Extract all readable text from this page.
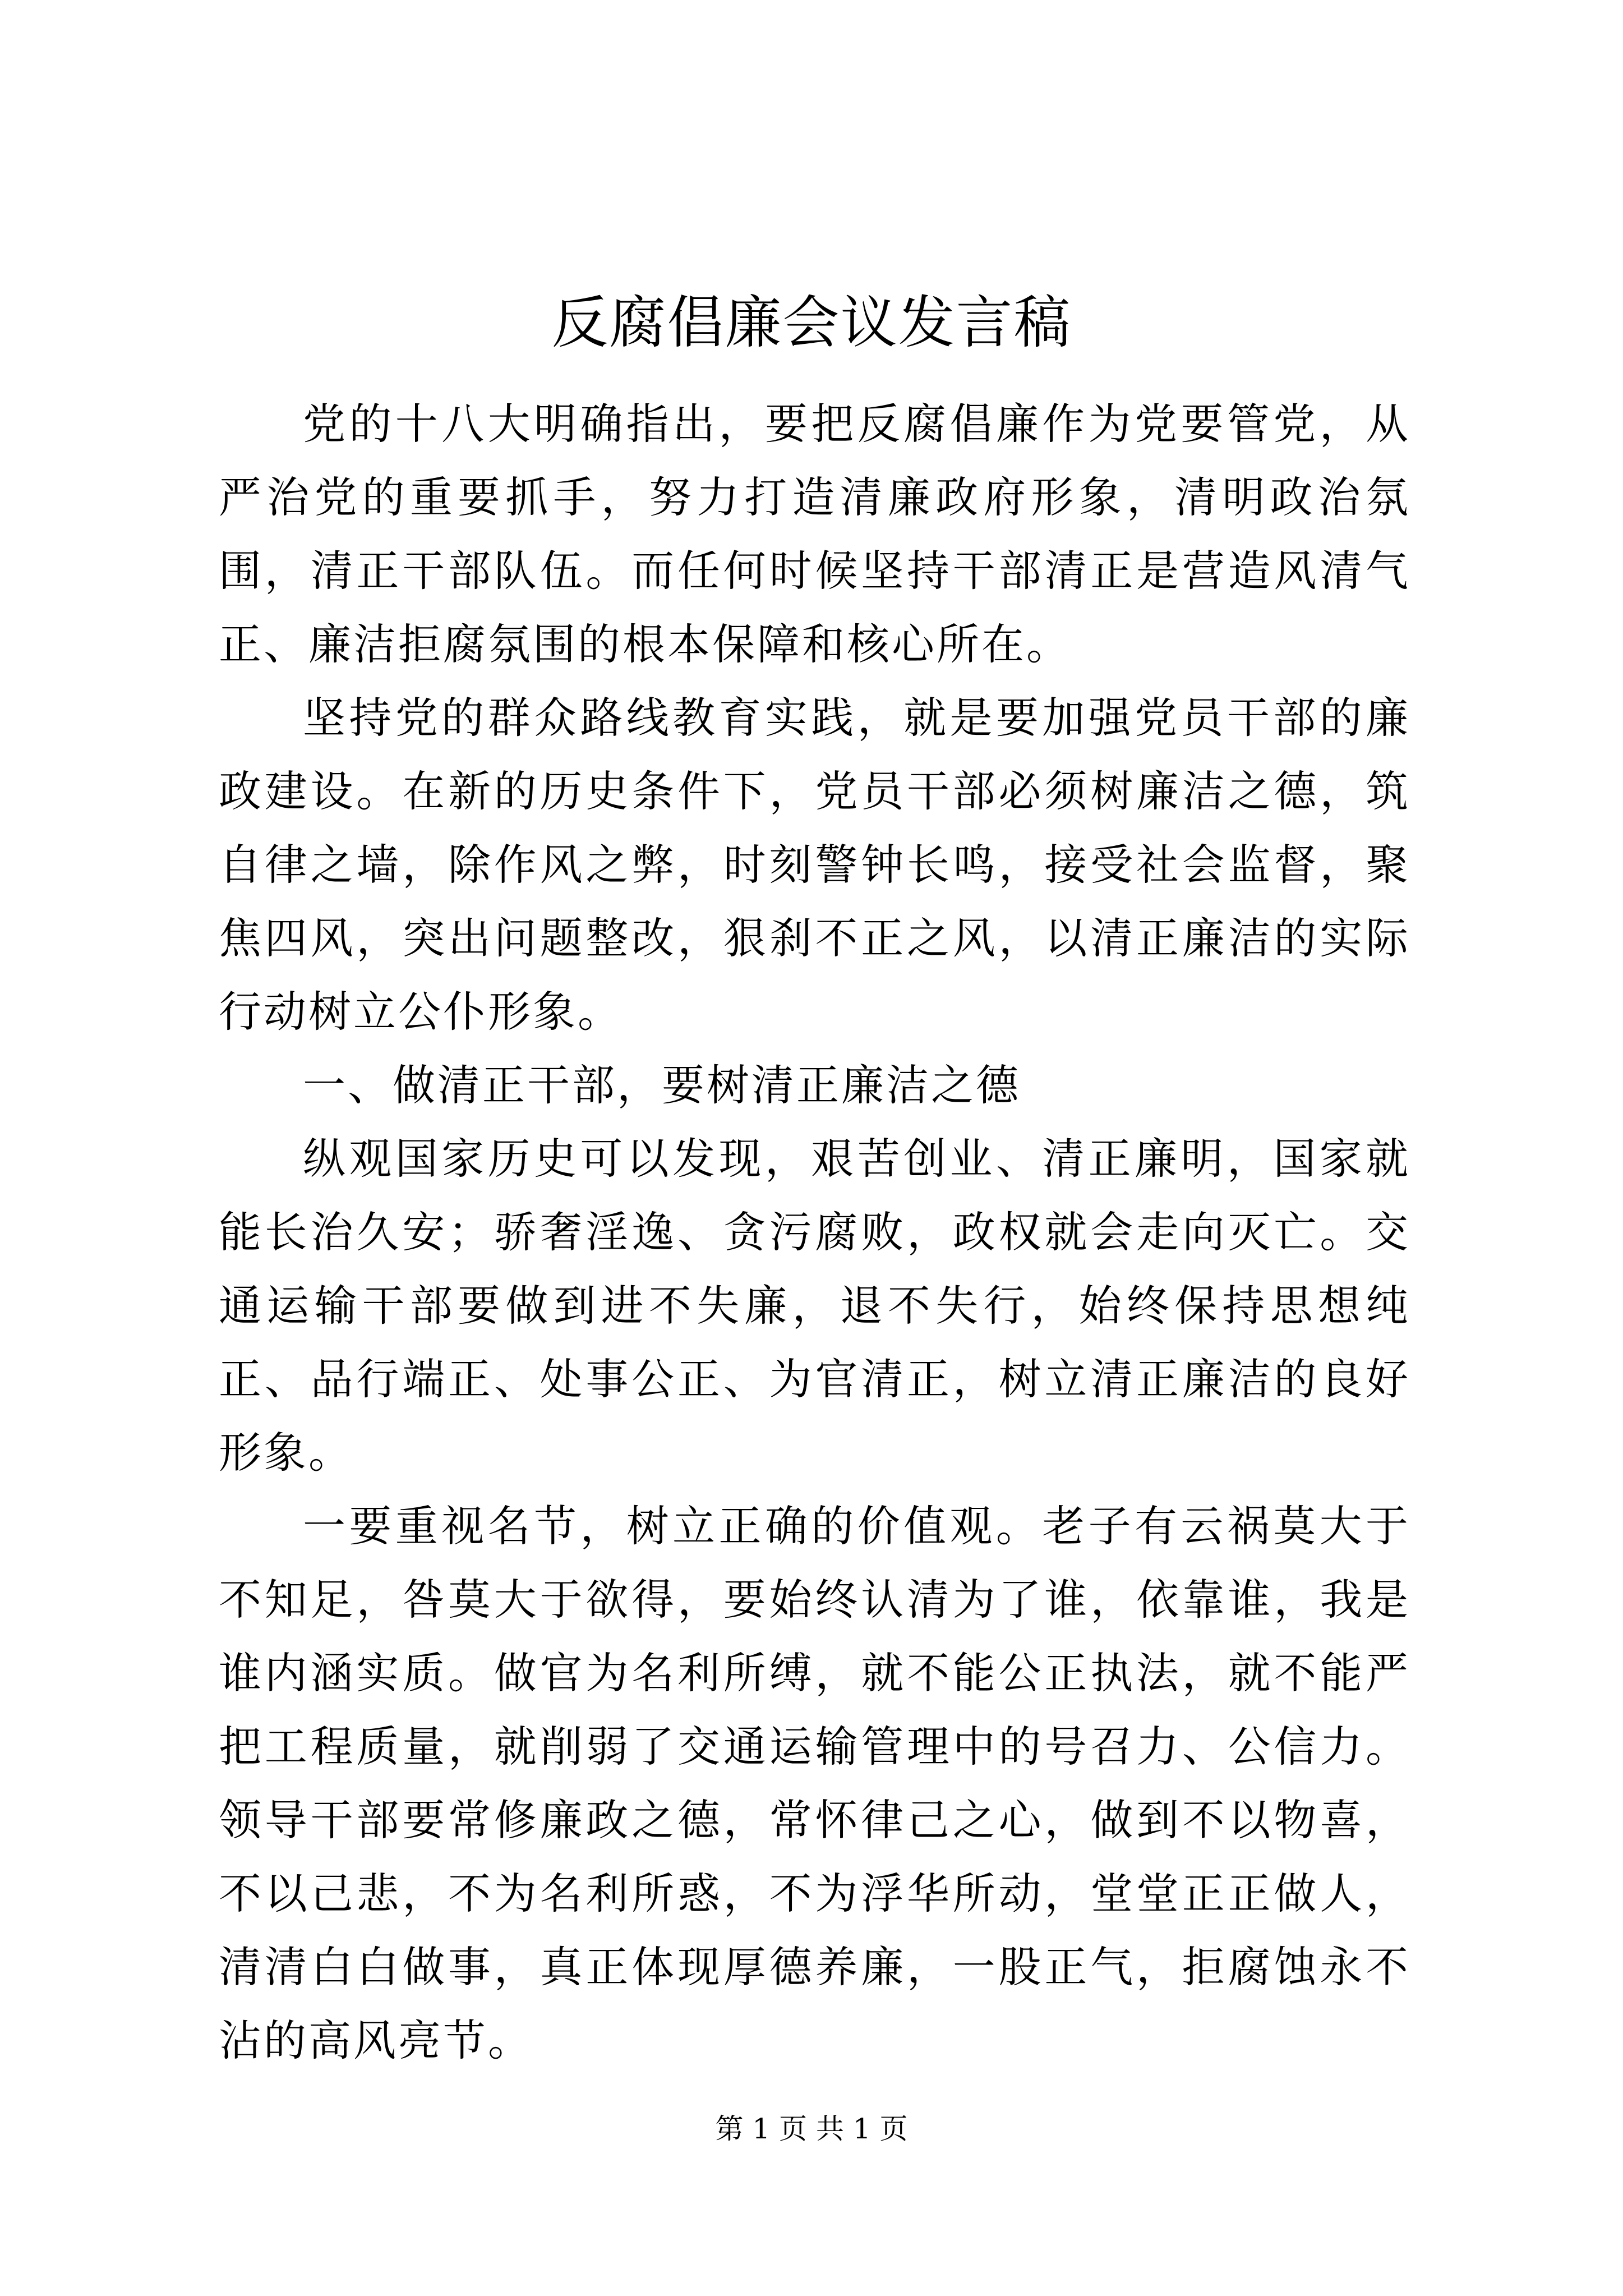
反腐倡廉会议发言稿

党的十八大明确指出，要把反腐倡廉作为党要管党，从严治党的重要抓手，努力打造清廉政府形象，清明政治氛围，清正干部队伍。而任何时候坚持干部清正是营造风清气正、廉洁拒腐氛围的根本保障和核心所在。

坚持党的群众路线教育实践，就是要加强党员干部的廉政建设。在新的历史条件下，党员干部必须树廉洁之德，筑自律之墙，除作风之弊，时刻警钟长鸣，接受社会监督，聚焦四风，突出问题整改，狠刹不正之风，以清正廉洁的实际行动树立公仆形象。

一、做清正干部，要树清正廉洁之德

纵观国家历史可以发现，艰苦创业、清正廉明，国家就能长治久安；骄奢淫逸、贪污腐败，政权就会走向灭亡。交通运输干部要做到进不失廉，退不失行，始终保持思想纯正、品行端正、处事公正、为官清正，树立清正廉洁的良好形象。

一要重视名节，树立正确的价值观。老子有云祸莫大于不知足，咎莫大于欲得，要始终认清为了谁，依靠谁，我是谁内涵实质。做官为名利所缚，就不能公正执法，就不能严把工程质量，就削弱了交通运输管理中的号召力、公信力。领导干部要常修廉政之德，常怀律己之心，做到不以物喜，不以己悲，不为名利所惑，不为浮华所动，堂堂正正做人，清清白白做事，真正体现厚德养廉，一股正气，拒腐蚀永不沾的高风亮节。

第 1 页 共 1 页
